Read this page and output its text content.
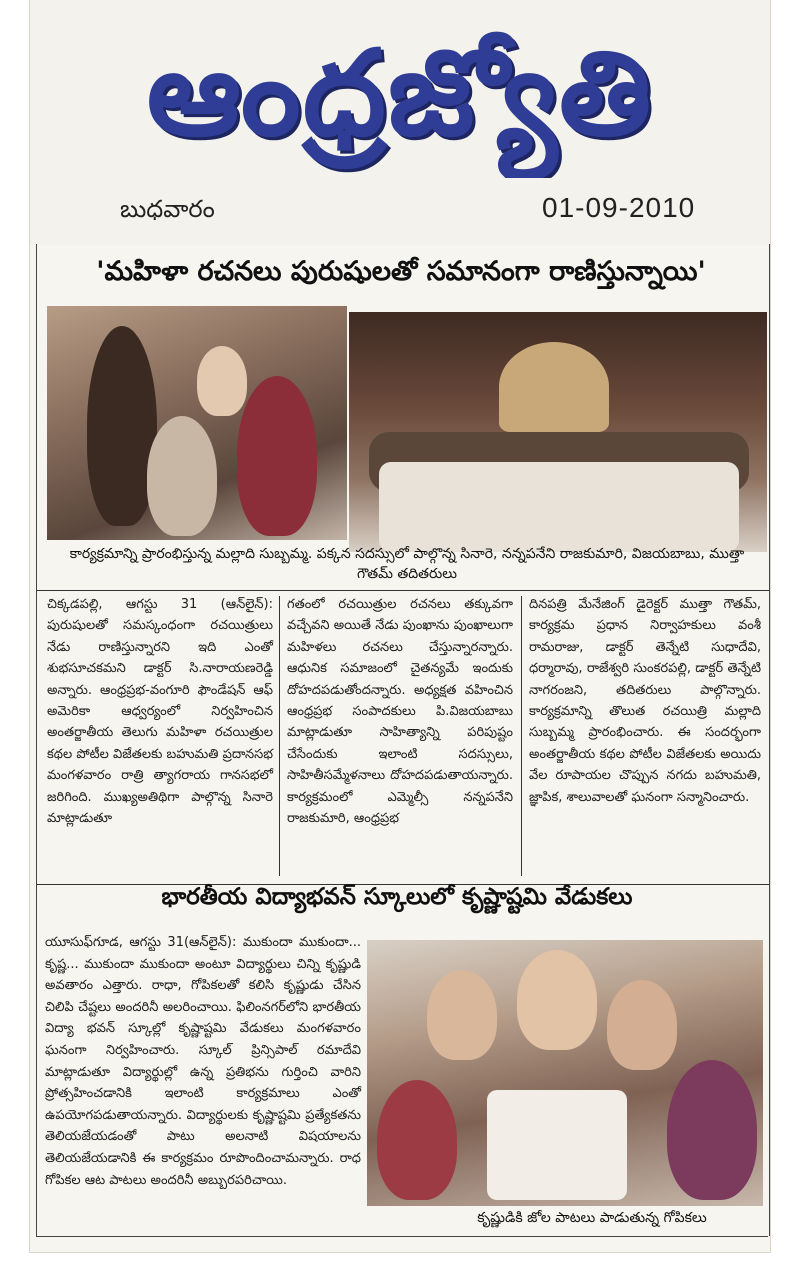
ఆంధ్రజ్యోతి
బుధవారం	01-09-2010
'మహిళా రచనలు పురుషులతో సమానంగా రాణిస్తున్నాయి'
కార్యక్రమాన్ని ప్రారంభిస్తున్న మల్లాది సుబ్బమ్మ. పక్కన సదస్సులో పాల్గొన్న సినారె, నన్నపనేని రాజకుమారి, విజయబాబు, ముత్తా గౌతమ్ తదితరులు

చిక్కడపల్లి, ఆగస్టు 31 (ఆన్‌లైన్): పురుషులతో సమస్కంధంగా రచయిత్రులు నేడు రాణిస్తున్నారని ఇది ఎంతో శుభసూచకమని డాక్టర్ సి.నారాయణరెడ్డి అన్నారు. ఆంధ్రప్రభ-వంగూరి ఫౌండేషన్ ఆఫ్ అమెరికా ఆధ్వర్యంలో నిర్వహించిన అంతర్జాతీయ తెలుగు మహిళా రచయిత్రుల కథల పోటీల విజేతలకు బహుమతి ప్రదానసభ మంగళవారం రాత్రి త్యాగరాయ గానసభలో జరిగింది. ముఖ్యఅతిథిగా పాల్గొన్న సినారె మాట్లాడుతూ

గతంలో రచయిత్రుల రచనలు తక్కువగా వచ్చేవని అయితే నేడు పుంఖాను పుంఖాలుగా మహిళలు రచనలు చేస్తున్నారన్నారు. ఆధునిక సమాజంలో చైతన్యమే ఇందుకు దోహదపడుతోందన్నారు. అధ్యక్షత వహించిన ఆంధ్రప్రభ సంపాదకులు పి.విజయబాబు మాట్లాడుతూ సాహిత్యాన్ని పరిపుష్టం చేసేందుకు ఇలాంటి సదస్సులు, సాహితీసమ్మేళనాలు దోహదపడుతాయన్నారు. కార్యక్రమంలో ఎమ్మెల్సీ నన్నపనేని రాజకుమారి, ఆంధ్రప్రభ

దినపత్రి మేనేజింగ్ డైరెక్టర్ ముత్తా గౌతమ్, కార్యక్రమ ప్రధాన నిర్వాహకులు వంశీ రామరాజు, డాక్టర్ తెన్నేటి సుధాదేవి, ధర్మారావు, రాజేశ్వరి సుంకరపల్లి, డాక్టర్ తెన్నేటి నాగరంజని, తదితరులు పాల్గొన్నారు. కార్యక్రమాన్ని తొలుత రచయిత్రి మల్లాది సుబ్బమ్మ ప్రారంభించారు. ఈ సందర్భంగా అంతర్జాతీయ కథల పోటీల విజేతలకు అయిదు వేల రూపాయల చొప్పున నగదు బహుమతి, జ్ఞాపిక, శాలువాలతో ఘనంగా సన్మానించారు.

భారతీయ విద్యాభవన్ స్కూలులో కృష్ణాష్టమి వేడుకలు
యూసుఫ్‌గూడ, ఆగస్టు 31(ఆన్‌లైన్): ముకుందా ముకుందా... కృష్ణ... ముకుందా ముకుందా అంటూ విద్యార్థులు చిన్ని కృష్ణుడి అవతారం ఎత్తారు. రాధా, గోపికలతో కలిసి కృష్ణుడు చేసిన చిలిపి చేష్టలు అందరినీ అలరించాయి. ఫిలింనగర్‌లోని భారతీయ విద్యా భవన్ స్కూల్లో కృష్ణాష్టమి వేడుకలు మంగళవారం ఘనంగా నిర్వహించారు. స్కూల్ ప్రిన్సిపాల్ రమాదేవి మాట్లాడుతూ విద్యార్థుల్లో ఉన్న ప్రతిభను గుర్తించి వారిని ప్రోత్సహించడానికి ఇలాంటి కార్యక్రమాలు ఎంతో ఉపయోగపడుతాయన్నారు. విద్యార్థులకు కృష్ణాష్టమి ప్రత్యేకతను తెలియజేయడంతో పాటు అలనాటి విషయాలను తెలియజేయడానికి ఈ కార్యక్రమం రూపొందించామన్నారు. రాధ గోపికల ఆట పాటలు అందరినీ అబ్బురపరిచాయి.
కృష్ణుడికి జోల పాటలు పాడుతున్న గోపికలు
